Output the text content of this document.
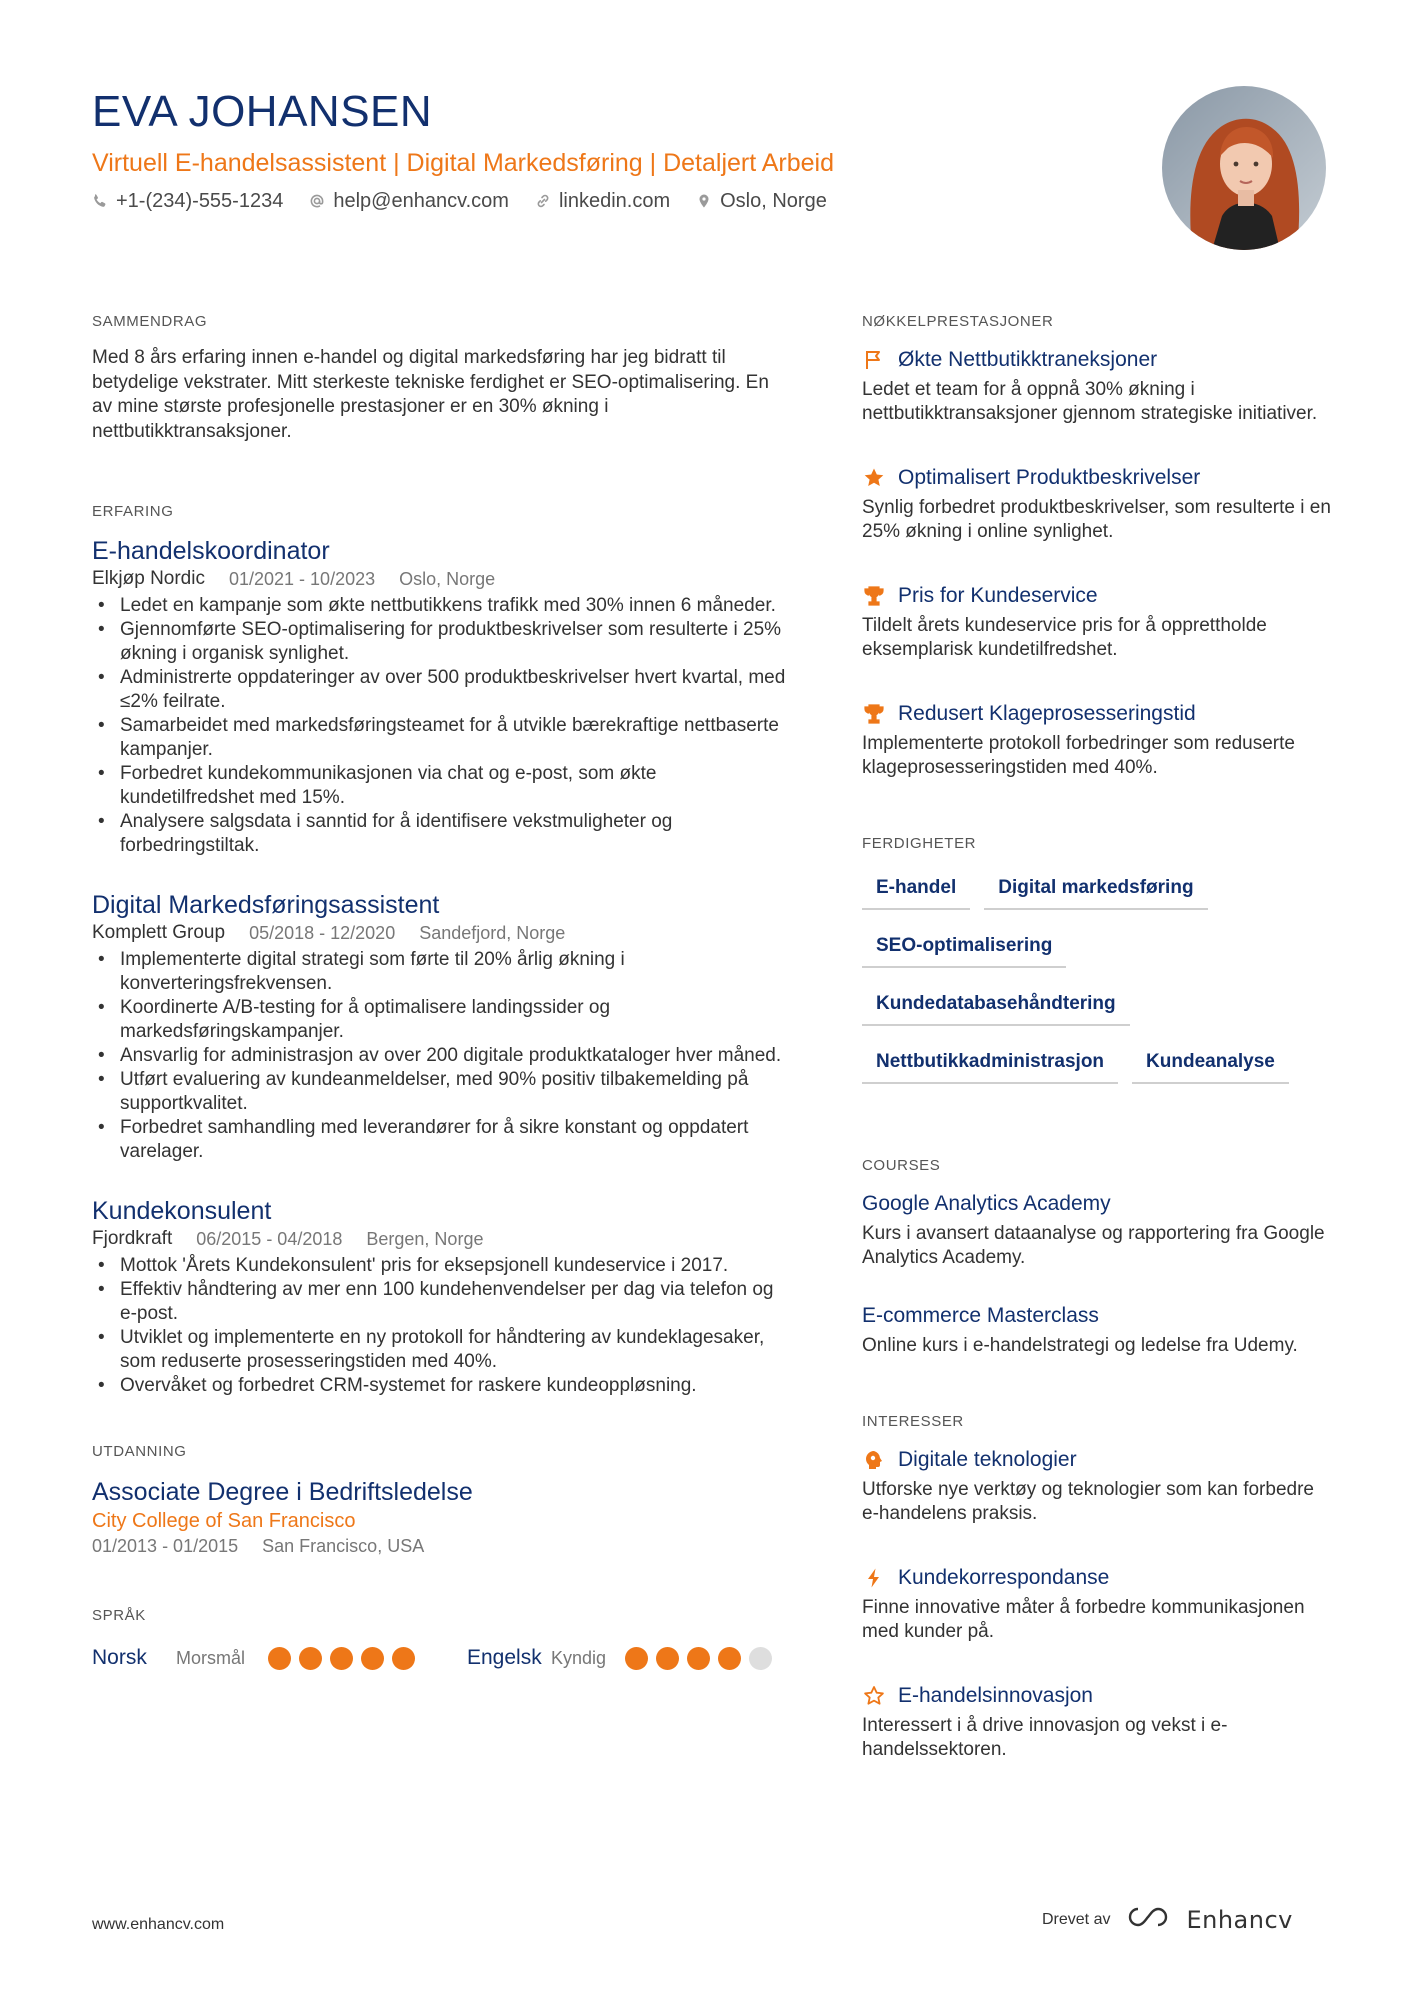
EVA JOHANSEN
Virtuell E-handelsassistent | Digital Markedsføring | Detaljert Arbeid
+1-(234)-555-1234	help@enhancv.com	linkedin.com	Oslo, Norge
SAMMENDRAG
Med 8 års erfaring innen e-handel og digital markedsføring har jeg bidratt til betydelige vekstrater. Mitt sterkeste tekniske ferdighet er SEO-optimalisering. En av mine største profesjonelle prestasjoner er en 30% økning i nettbutikktransaksjoner.
ERFARING
E-handelskoordinator
Elkjøp Nordic 01/2021 - 10/2023 Oslo, Norge
• Ledet en kampanje som økte nettbutikkens trafikk med 30% innen 6 måneder.
• Gjennomførte SEO-optimalisering for produktbeskrivelser som resulterte i 25% økning i organisk synlighet.
• Administrerte oppdateringer av over 500 produktbeskrivelser hvert kvartal, med ≤2% feilrate.
• Samarbeidet med markedsføringsteamet for å utvikle bærekraftige nettbaserte kampanjer.
• Forbedret kundekommunikasjonen via chat og e-post, som økte kundetilfredshet med 15%.
• Analysere salgsdata i sanntid for å identifisere vekstmuligheter og forbedringstiltak.
Digital Markedsføringsassistent
Komplett Group 05/2018 - 12/2020 Sandefjord, Norge
• Implementerte digital strategi som førte til 20% årlig økning i konverteringsfrekvensen.
• Koordinerte A/B-testing for å optimalisere landingssider og markedsføringskampanjer.
• Ansvarlig for administrasjon av over 200 digitale produktkataloger hver måned.
• Utført evaluering av kundeanmeldelser, med 90% positiv tilbakemelding på supportkvalitet.
• Forbedret samhandling med leverandører for å sikre konstant og oppdatert varelager.
Kundekonsulent
Fjordkraft 06/2015 - 04/2018 Bergen, Norge
• Mottok 'Årets Kundekonsulent' pris for eksepsjonell kundeservice i 2017.
• Effektiv håndtering av mer enn 100 kundehenvendelser per dag via telefon og e-post.
• Utviklet og implementerte en ny protokoll for håndtering av kundeklagesaker, som reduserte prosesseringstiden med 40%.
• Overvåket og forbedret CRM-systemet for raskere kundeoppløsning.
UTDANNING
Associate Degree i Bedriftsledelse
City College of San Francisco
01/2013 - 01/2015 San Francisco, USA
SPRÅK
Norsk	Morsmål	Engelsk Kyndig
NØKKELPRESTASJONER
Økte Nettbutikktraneksjoner
Ledet et team for å oppnå 30% økning i nettbutikktransaksjoner gjennom strategiske initiativer.
Optimalisert Produktbeskrivelser
Synlig forbedret produktbeskrivelser, som resulterte i en 25% økning i online synlighet.
Pris for Kundeservice
Tildelt årets kundeservice pris for å opprettholde eksemplarisk kundetilfredshet.
Redusert Klageprosesseringstid
Implementerte protokoll forbedringer som reduserte klageprosesseringstiden med 40%.
FERDIGHETER
E-handel	Digital markedsføring
SEO-optimalisering
Kundedatabasehåndtering
Nettbutikkadministrasjon	Kundeanalyse
COURSES
Google Analytics Academy
Kurs i avansert dataanalyse og rapportering fra Google Analytics Academy.
E-commerce Masterclass
Online kurs i e-handelstrategi og ledelse fra Udemy.
INTERESSER
Digitale teknologier
Utforske nye verktøy og teknologier som kan forbedre e-handelens praksis.
Kundekorrespondanse
Finne innovative måter å forbedre kommunikasjonen med kunder på.
E-handelsinnovasjon
Interessert i å drive innovasjon og vekst i e-handelssektoren.
www.enhancv.com	Drevet av	Enhancv
